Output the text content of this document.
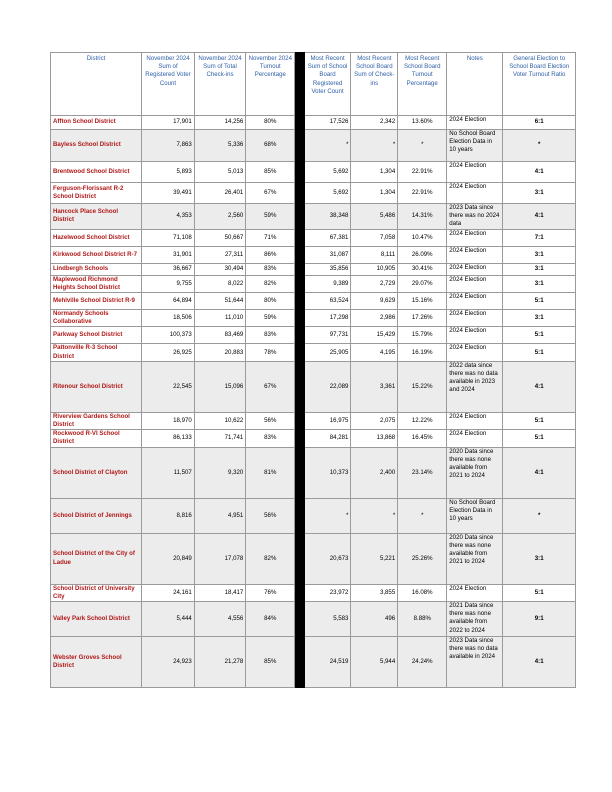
District	November 2024 Sum of Registered Voter Count	November 2024 Sum of Total Check-ins	November 2024 Turnout Percentage		Most Recent Sum of School Board Registered Voter Count	Most Recent School Board Sum of Check-ins	Most Recent School Board Turnout Percentage	Notes	General Election to School Board Election Voter Turnout Ratio
Affton School District	17,901	14,256	80%		17,526	2,342	13.60%	2024 Election	6:1
Bayless School District	7,863	5,336	68%		*	*	*	No School Board Election Data in 10 years	*
Brentwood School District	5,893	5,013	85%		5,692	1,304	22.91%	2024 Election	4:1
Ferguson-Florissant R-2 School District	39,491	26,401	67%		5,692	1,304	22.91%	2024 Election	3:1
Hancock Place School District	4,353	2,560	59%		38,348	5,486	14.31%	2023 Data since there was no 2024 data	4:1
Hazelwood School District	71,108	50,667	71%		67,381	7,058	10.47%	2024 Election	7:1
Kirkwood School District R-7	31,901	27,311	86%		31,087	8,111	26.09%	2024 Election	3:1
Lindbergh Schools	36,667	30,494	83%		35,856	10,905	30.41%	2024 Election	3:1
Maplewood Richmond Heights School District	9,755	8,022	82%		9,389	2,729	29.07%	2024 Election	3:1
Mehlville School District R-9	64,894	51,644	80%		63,524	9,629	15.16%	2024 Election	5:1
Normandy Schools Collaborative	18,506	11,010	59%		17,298	2,986	17.26%	2024 Election	3:1
Parkway School District	100,373	83,469	83%		97,731	15,429	15.79%	2024 Election	5:1
Pattonville R-3 School District	26,925	20,883	78%		25,905	4,195	16.19%	2024 Election	5:1
Ritenour School District	22,545	15,096	67%		22,089	3,361	15.22%	2022 data since there was no data available in 2023 and 2024	4:1
Riverview Gardens School District	18,970	10,622	56%		16,975	2,075	12.22%	2024 Election	5:1
Rockwood R-VI School District	86,133	71,741	83%		84,281	13,868	16.45%	2024 Election	5:1
School District of Clayton	11,507	9,320	81%		10,373	2,400	23.14%	2020 Data since there was none available from 2021 to 2024	4:1
School District of Jennings	8,816	4,951	56%		*	*	*	No School Board Election Data in 10 years	*
School District of the City of Ladue	20,849	17,078	82%		20,673	5,221	25.26%	2020 Data since there was none available from 2021 to 2024	3:1
School District of University City	24,161	18,417	76%		23,972	3,855	16.08%	2024 Election	5:1
Valley Park School District	5,444	4,556	84%		5,583	496	8.88%	2021 Data since there was none available from 2022 to 2024	9:1
Webster Groves School District	24,923	21,278	85%		24,519	5,944	24.24%	2023 Data since there was no data available in 2024	4:1
